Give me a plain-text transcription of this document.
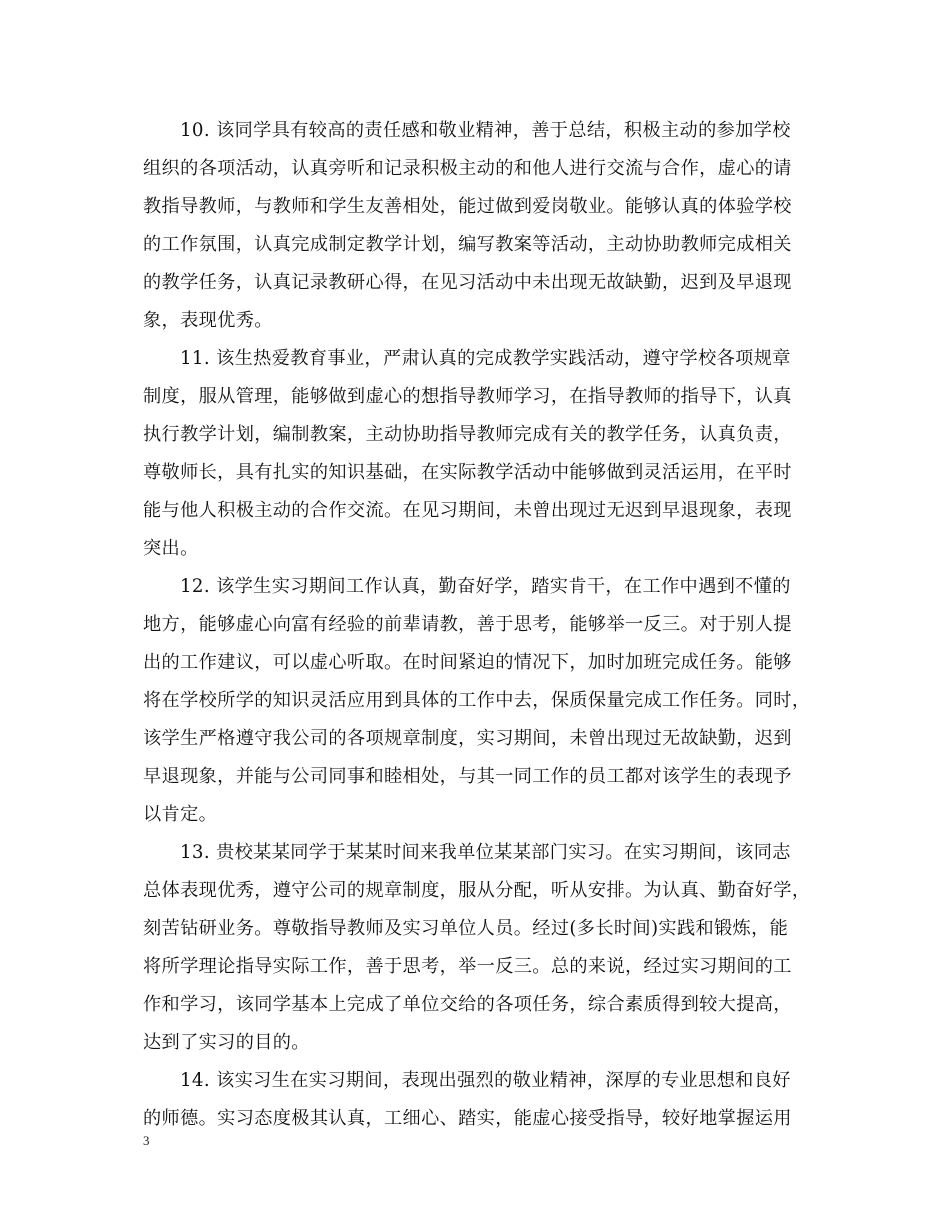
10. 该同学具有较高的责任感和敬业精神，善于总结，积极主动的参加学校
组织的各项活动，认真旁听和记录积极主动的和他人进行交流与合作，虚心的请
教指导教师，与教师和学生友善相处，能过做到爱岗敬业。能够认真的体验学校
的工作氛围，认真完成制定教学计划，编写教案等活动，主动协助教师完成相关
的教学任务，认真记录教研心得，在见习活动中未出现无故缺勤，迟到及早退现
象，表现优秀。
11. 该生热爱教育事业，严肃认真的完成教学实践活动，遵守学校各项规章
制度，服从管理，能够做到虚心的想指导教师学习，在指导教师的指导下，认真
执行教学计划，编制教案，主动协助指导教师完成有关的教学任务，认真负责，
尊敬师长，具有扎实的知识基础，在实际教学活动中能够做到灵活运用，在平时
能与他人积极主动的合作交流。在见习期间，未曾出现过无迟到早退现象，表现
突出。
12. 该学生实习期间工作认真，勤奋好学，踏实肯干，在工作中遇到不懂的
地方，能够虚心向富有经验的前辈请教，善于思考，能够举一反三。对于别人提
出的工作建议，可以虚心听取。在时间紧迫的情况下，加时加班完成任务。能够
将在学校所学的知识灵活应用到具体的工作中去，保质保量完成工作任务。同时，
该学生严格遵守我公司的各项规章制度，实习期间，未曾出现过无故缺勤，迟到
早退现象，并能与公司同事和睦相处，与其一同工作的员工都对该学生的表现予
以肯定。
13. 贵校某某同学于某某时间来我单位某某部门实习。在实习期间，该同志
总体表现优秀，遵守公司的规章制度，服从分配，听从安排。为认真、勤奋好学，
刻苦钻研业务。尊敬指导教师及实习单位人员。经过(多长时间)实践和锻炼，能
将所学理论指导实际工作，善于思考，举一反三。总的来说，经过实习期间的工
作和学习，该同学基本上完成了单位交给的各项任务，综合素质得到较大提高，
达到了实习的目的。
14. 该实习生在实习期间，表现出强烈的敬业精神，深厚的专业思想和良好
的师德。实习态度极其认真，工细心、踏实，能虚心接受指导，较好地掌握运用
3
